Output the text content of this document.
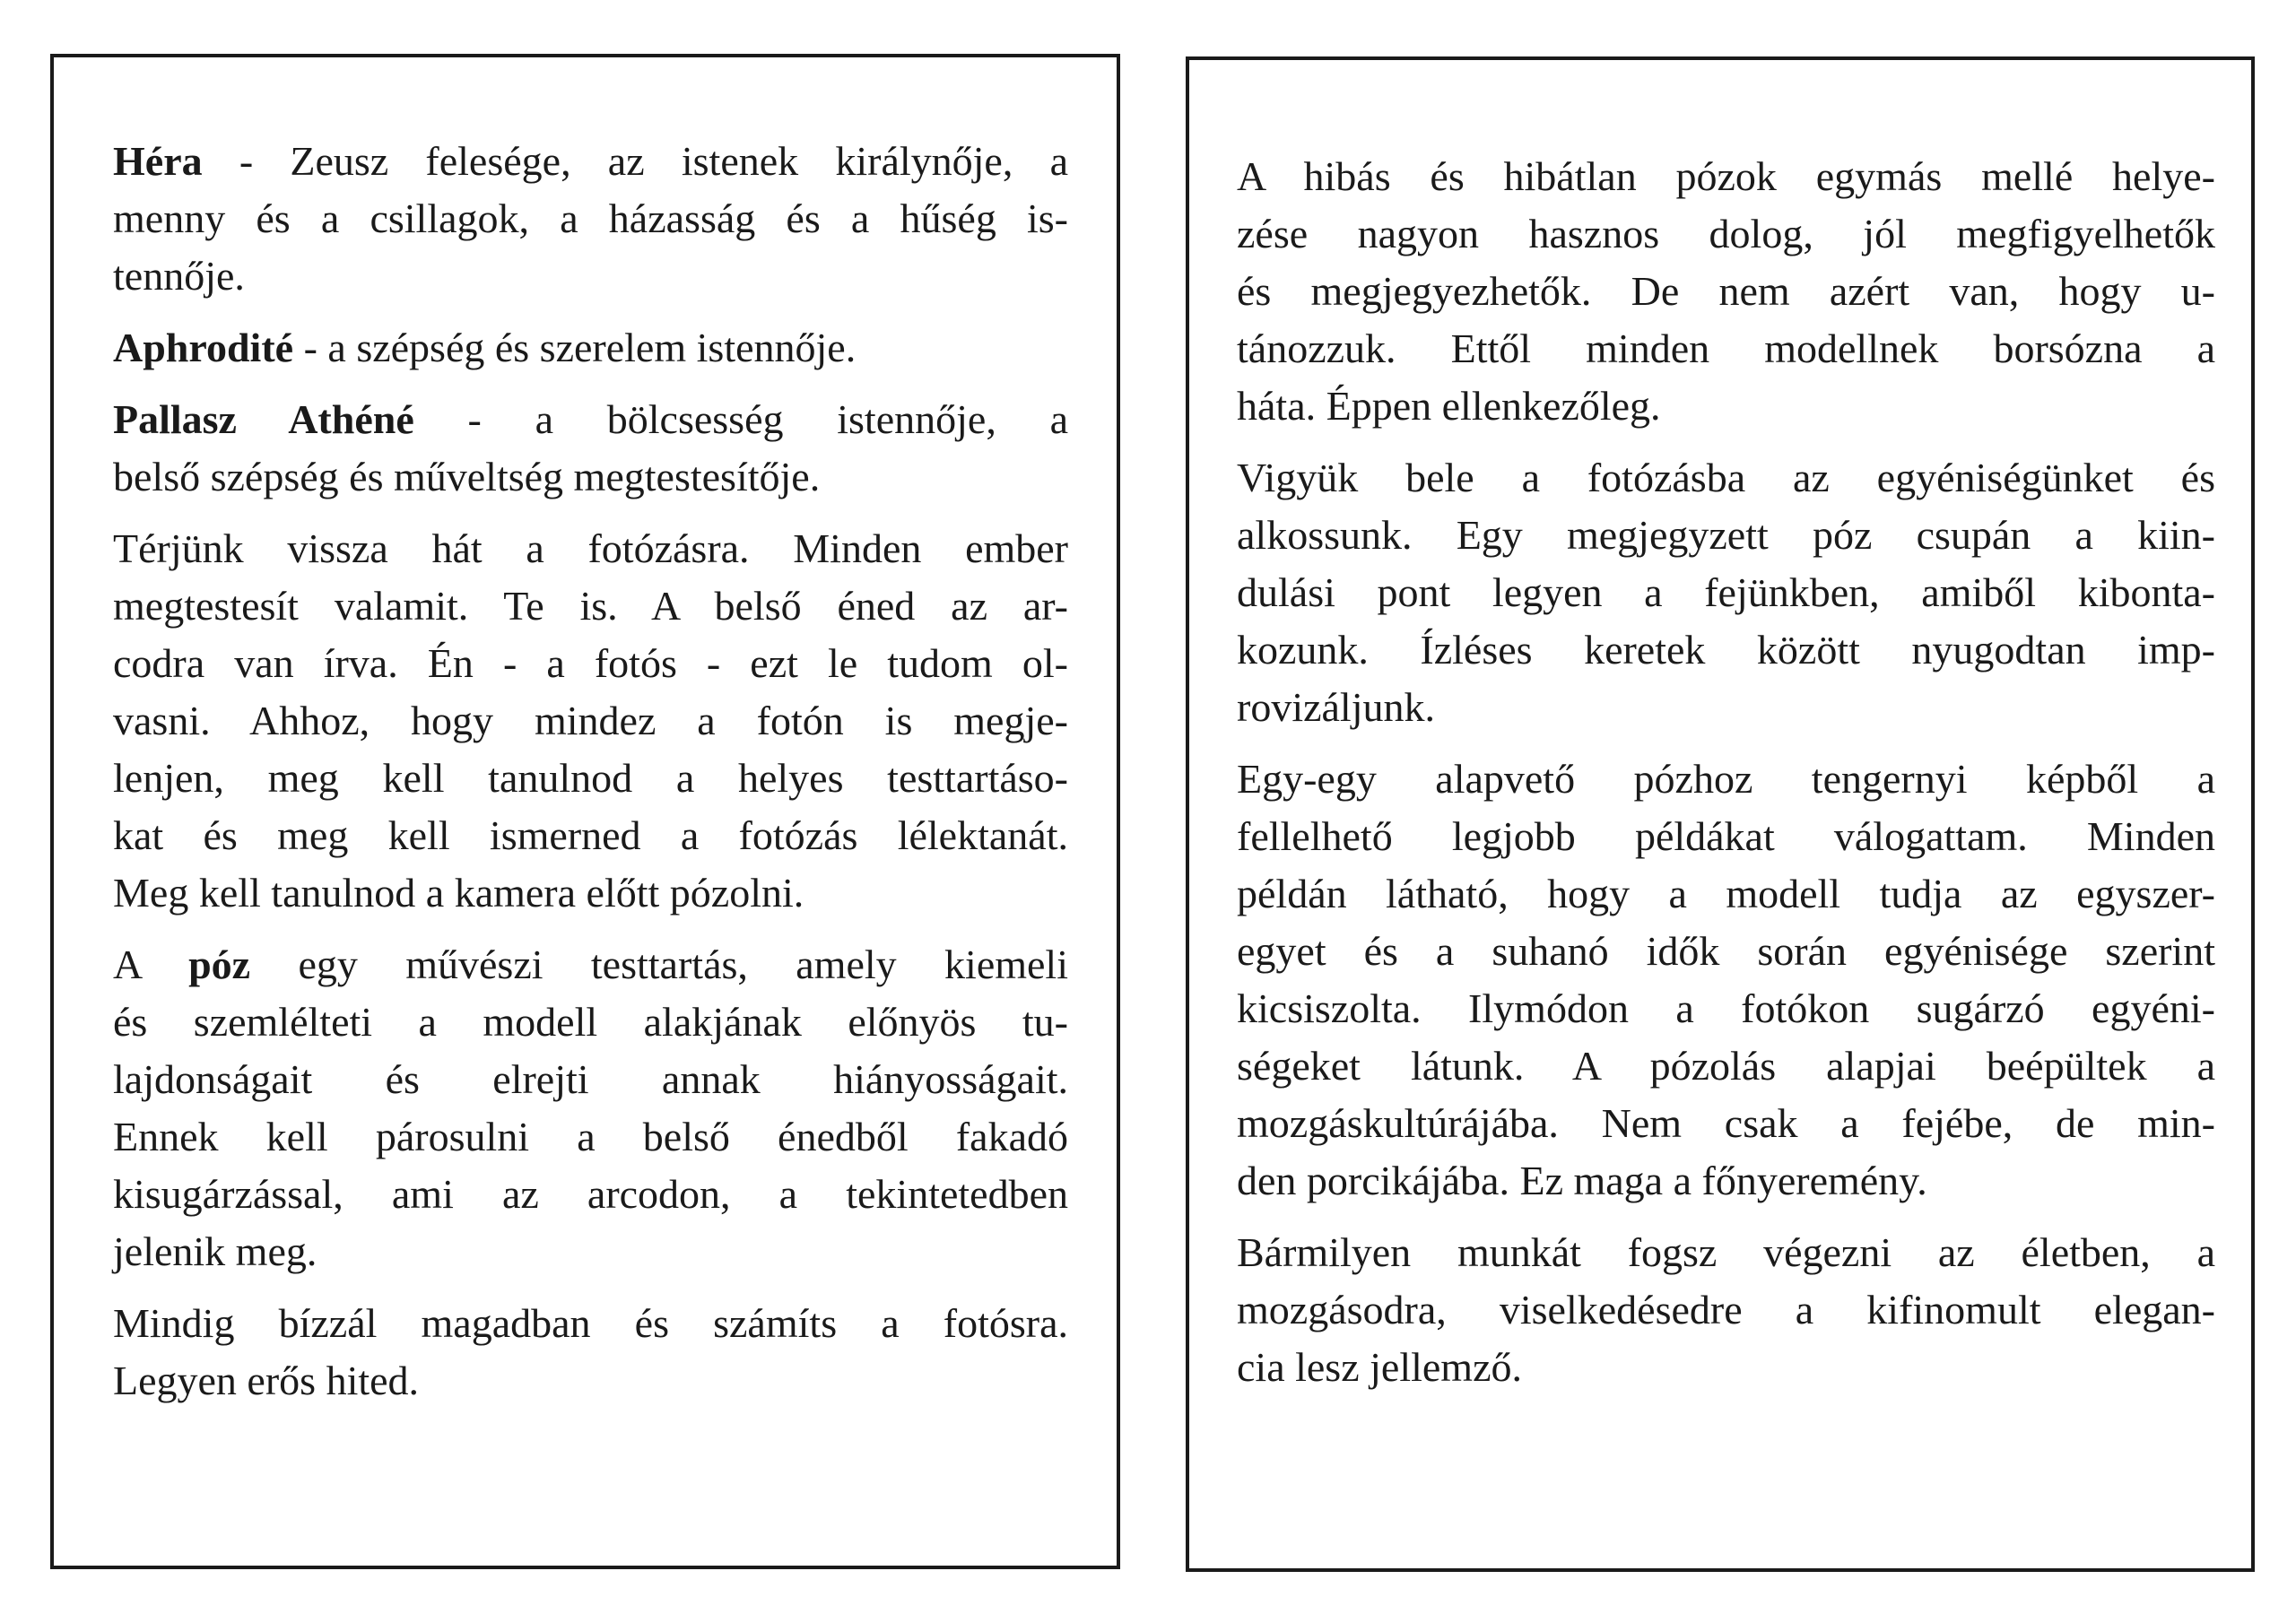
Héra - Zeusz felesége, az istenek királynője, a
menny és a csillagok, a házasság és a hűség is-
tennője.
Aphrodité - a szépség és szerelem istennője.
Pallasz Athéné - a bölcsesség istennője, a
belső szépség és műveltség megtestesítője.
Térjünk vissza hát a fotózásra. Minden ember
megtestesít valamit. Te is. A belső éned az ar-
codra van írva. Én - a fotós - ezt le tudom ol-
vasni. Ahhoz, hogy mindez a fotón is megje-
lenjen, meg kell tanulnod a helyes testtartáso-
kat és meg kell ismerned a fotózás lélektanát.
Meg kell tanulnod a kamera előtt pózolni.
A póz egy művészi testtartás, amely kiemeli
és szemlélteti a modell alakjának előnyös tu-
lajdonságait és elrejti annak hiányosságait.
Ennek kell párosulni a belső énedből fakadó
kisugárzással, ami az arcodon, a tekintetedben
jelenik meg.
Mindig bízzál magadban és számíts a fotósra.
Legyen erős hited.
A hibás és hibátlan pózok egymás mellé helye-
zése nagyon hasznos dolog, jól megfigyelhetők
és megjegyezhetők. De nem azért van, hogy u-
tánozzuk. Ettől minden modellnek borsózna a
háta. Éppen ellenkezőleg.
Vigyük bele a fotózásba az egyéniségünket és
alkossunk. Egy megjegyzett póz csupán a kiin-
dulási pont legyen a fejünkben, amiből kibonta-
kozunk. Ízléses keretek között nyugodtan imp-
rovizáljunk.
Egy-egy alapvető pózhoz tengernyi képből a
fellelhető legjobb példákat válogattam. Minden
példán látható, hogy a modell tudja az egyszer-
egyet és a suhanó idők során egyénisége szerint
kicsiszolta. Ilymódon a fotókon sugárzó egyéni-
ségeket látunk. A pózolás alapjai beépültek a
mozgáskultúrájába. Nem csak a fejébe, de min-
den porcikájába. Ez maga a főnyeremény.
Bármilyen munkát fogsz végezni az életben, a
mozgásodra, viselkedésedre a kifinomult elegan-
cia lesz jellemző.
